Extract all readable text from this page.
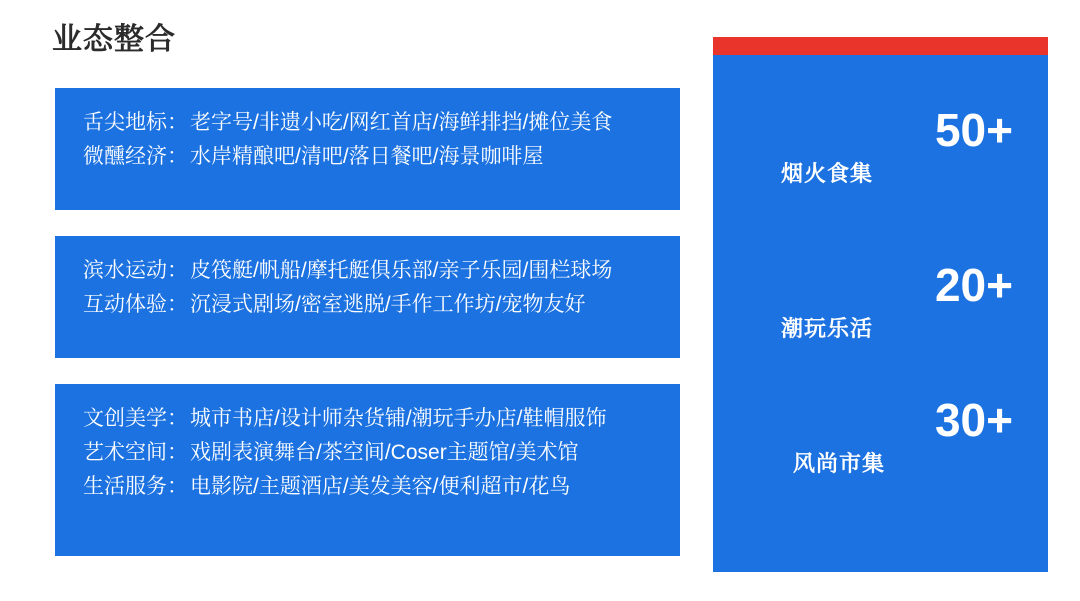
业态整合
舌尖地标 ： 老字号/非遗小吃/网红首店/海鲜排挡/摊位美食
微醺经济 ： 水岸精酿吧/清吧/落日餐吧/海景咖啡屋
滨水运动 ： 皮筏艇/帆船/摩托艇俱乐部/亲子乐园/围栏球场
互动体验 ： 沉浸式剧场/密室逃脱/手作工作坊/宠物友好
文创美学 ： 城市书店/设计师杂货铺/潮玩手办店/鞋帽服饰
艺术空间 ： 戏剧表演舞台/茶空间/Coser主题馆/美术馆
生活服务 ： 电影院/主题酒店/美发美容/便利超市/花鸟
50+
烟火食集
20+
潮玩乐活
30+
风尚市集
